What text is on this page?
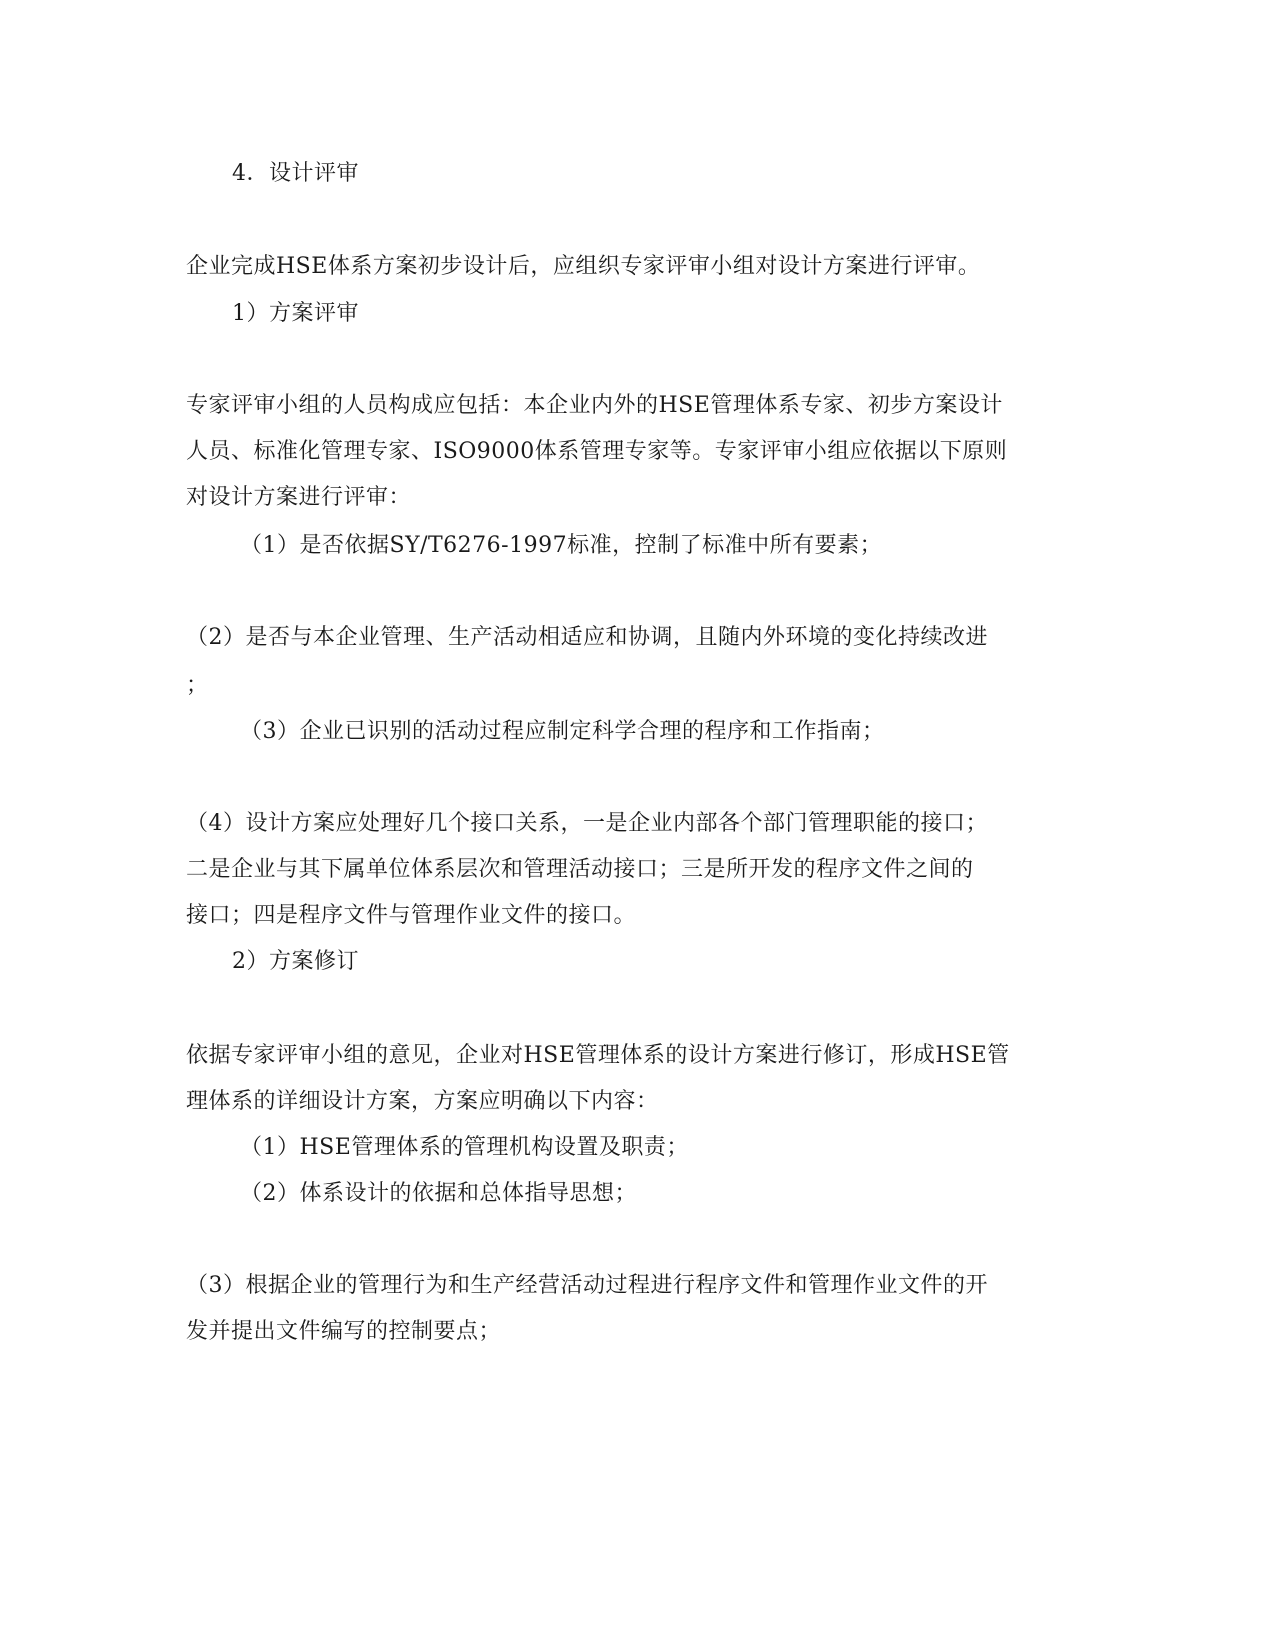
4．设计评审
企业完成HSE体系方案初步设计后，应组织专家评审小组对设计方案进行评审。
1）方案评审
专家评审小组的人员构成应包括：本企业内外的HSE管理体系专家、初步方案设计
人员、标准化管理专家、ISO9000体系管理专家等。专家评审小组应依据以下原则
对设计方案进行评审：
（1）是否依据SY/T6276-1997标准，控制了标准中所有要素；
（2）是否与本企业管理、生产活动相适应和协调，且随内外环境的变化持续改进
；
（3）企业已识别的活动过程应制定科学合理的程序和工作指南；
（4）设计方案应处理好几个接口关系，一是企业内部各个部门管理职能的接口；
二是企业与其下属单位体系层次和管理活动接口；三是所开发的程序文件之间的
接口；四是程序文件与管理作业文件的接口。
2）方案修订
依据专家评审小组的意见，企业对HSE管理体系的设计方案进行修订，形成HSE管
理体系的详细设计方案，方案应明确以下内容：
（1）HSE管理体系的管理机构设置及职责；
（2）体系设计的依据和总体指导思想；
（3）根据企业的管理行为和生产经营活动过程进行程序文件和管理作业文件的开
发并提出文件编写的控制要点；
